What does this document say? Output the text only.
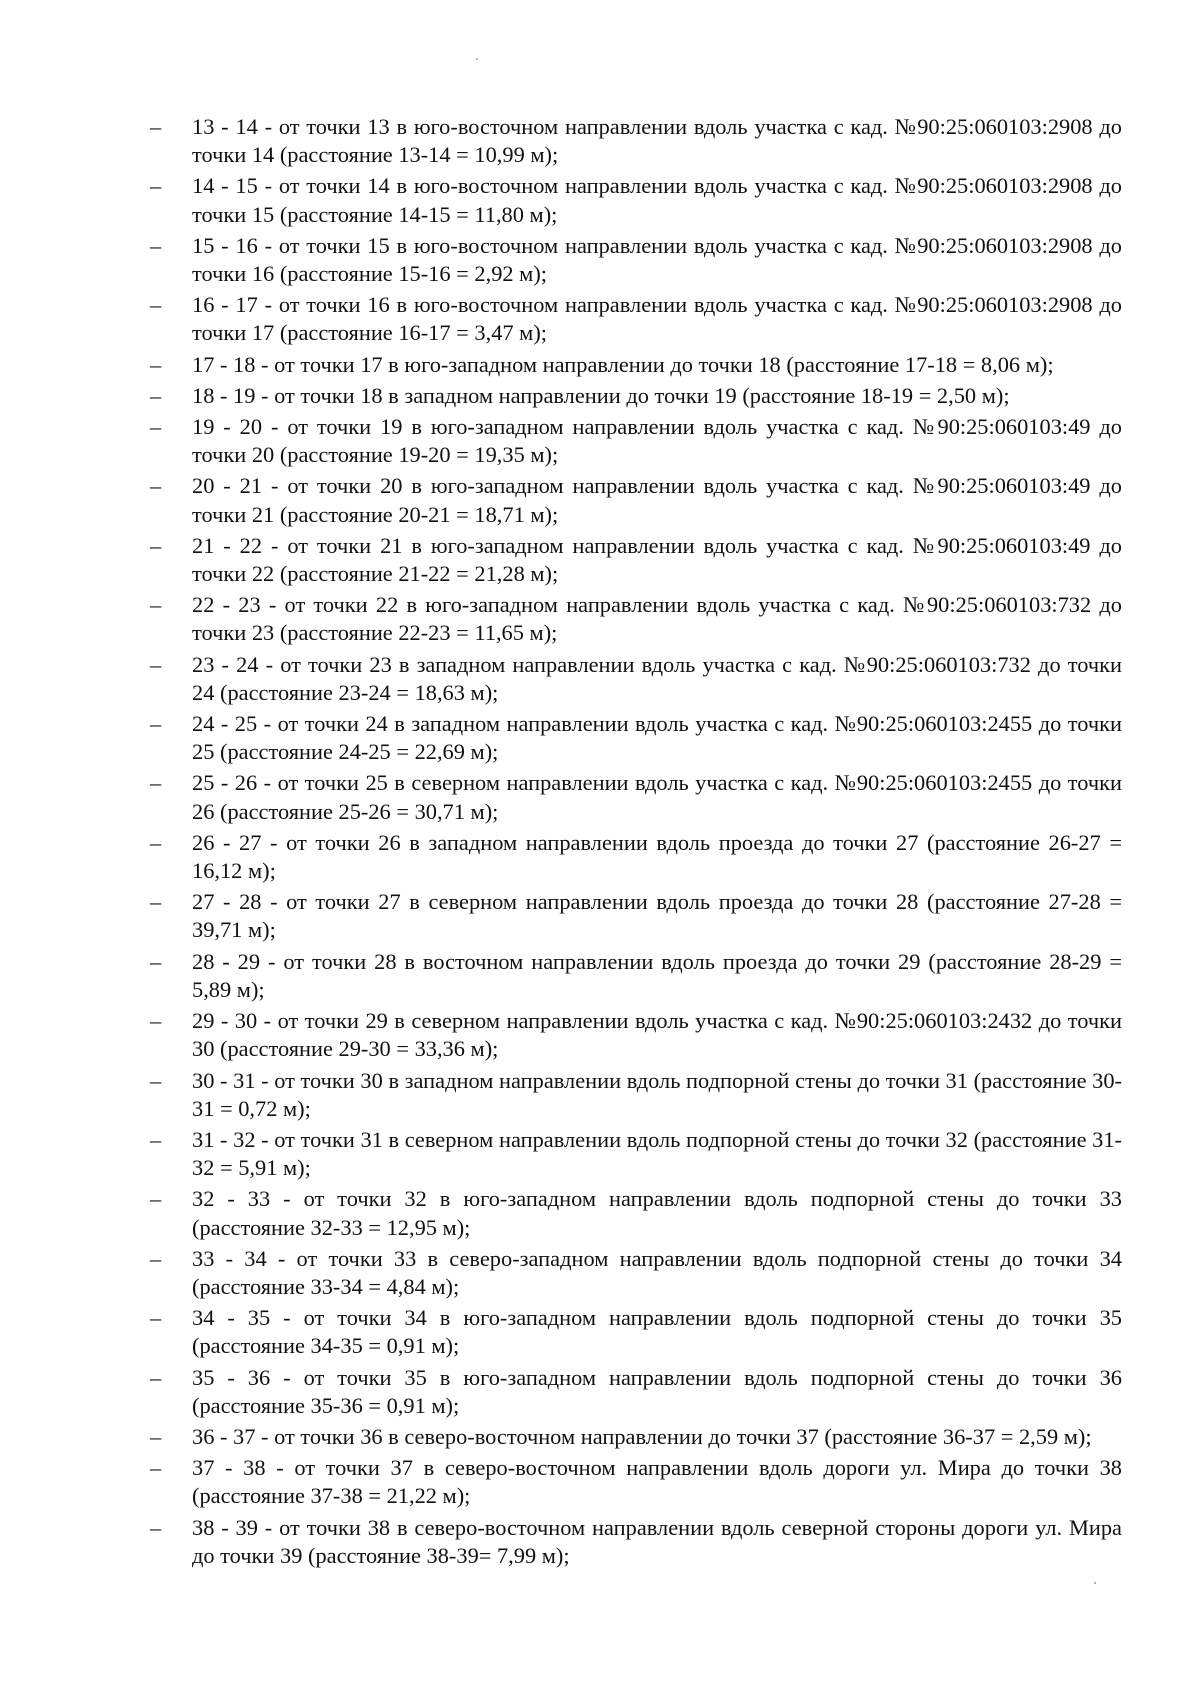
–	13 - 14 - от точки 13 в юго-восточном направлении вдоль участка с кад. №90:25:060103:2908 до точки 14 (расстояние 13-14 = 10,99 м);
–	14 - 15 - от точки 14 в юго-восточном направлении вдоль участка с кад. №90:25:060103:2908 до точки 15 (расстояние 14-15 = 11,80 м);
–	15 - 16 - от точки 15 в юго-восточном направлении вдоль участка с кад. №90:25:060103:2908 до точки 16 (расстояние 15-16 = 2,92 м);
–	16 - 17 - от точки 16 в юго-восточном направлении вдоль участка с кад. №90:25:060103:2908 до точки 17 (расстояние 16-17 = 3,47 м);
–	17 - 18 - от точки 17 в юго-западном направлении до точки 18 (расстояние 17-18 = 8,06 м);
–	18 - 19 - от точки 18 в западном направлении до точки 19 (расстояние 18-19 = 2,50 м);
–	19 - 20 - от точки 19 в юго-западном направлении вдоль участка с кад. №90:25:060103:49 до точки 20 (расстояние 19-20 = 19,35 м);
–	20 - 21 - от точки 20 в юго-западном направлении вдоль участка с кад. №90:25:060103:49 до точки 21 (расстояние 20-21 = 18,71 м);
–	21 - 22 - от точки 21 в юго-западном направлении вдоль участка с кад. №90:25:060103:49 до точки 22 (расстояние 21-22 = 21,28 м);
–	22 - 23 - от точки 22 в юго-западном направлении вдоль участка с кад. №90:25:060103:732 до точки 23 (расстояние 22-23 = 11,65 м);
–	23 - 24 - от точки 23 в западном направлении вдоль участка с кад. №90:25:060103:732 до точки 24 (расстояние 23-24 = 18,63 м);
–	24 - 25 - от точки 24 в западном направлении вдоль участка с кад. №90:25:060103:2455 до точки 25 (расстояние 24-25 = 22,69 м);
–	25 - 26 - от точки 25 в северном направлении вдоль участка с кад. №90:25:060103:2455 до точки 26 (расстояние 25-26 = 30,71 м);
–	26 - 27 - от точки 26 в западном направлении вдоль проезда до точки 27 (расстояние 26-27 = 16,12 м);
–	27 - 28 - от точки 27 в северном направлении вдоль проезда до точки 28 (расстояние 27-28 = 39,71 м);
–	28 - 29 - от точки 28 в восточном направлении вдоль проезда до точки 29 (расстояние 28-29 = 5,89 м);
–	29 - 30 - от точки 29 в северном направлении вдоль участка с кад. №90:25:060103:2432 до точки 30 (расстояние 29-30 = 33,36 м);
–	30 - 31 - от точки 30 в западном направлении вдоль подпорной стены до точки 31 (расстояние 30-31 = 0,72 м);
–	31 - 32 - от точки 31 в северном направлении вдоль подпорной стены до точки 32 (расстояние 31-32 = 5,91 м);
–	32 - 33 - от точки 32 в юго-западном направлении вдоль подпорной стены до точки 33 (расстояние 32-33 = 12,95 м);
–	33 - 34 - от точки 33 в северо-западном направлении вдоль подпорной стены до точки 34 (расстояние 33-34 = 4,84 м);
–	34 - 35 - от точки 34 в юго-западном направлении вдоль подпорной стены до точки 35 (расстояние 34-35 = 0,91 м);
–	35 - 36 - от точки 35 в юго-западном направлении вдоль подпорной стены до точки 36 (расстояние 35-36 = 0,91 м);
–	36 - 37 - от точки 36 в северо-восточном направлении до точки 37 (расстояние 36-37 = 2,59 м);
–	37 - 38 - от точки 37 в северо-восточном направлении вдоль дороги ул. Мира до точки 38 (расстояние 37-38 = 21,22 м);
–	38 - 39 - от точки 38 в северо-восточном направлении вдоль северной стороны дороги ул. Мира до точки 39 (расстояние 38-39= 7,99 м);
